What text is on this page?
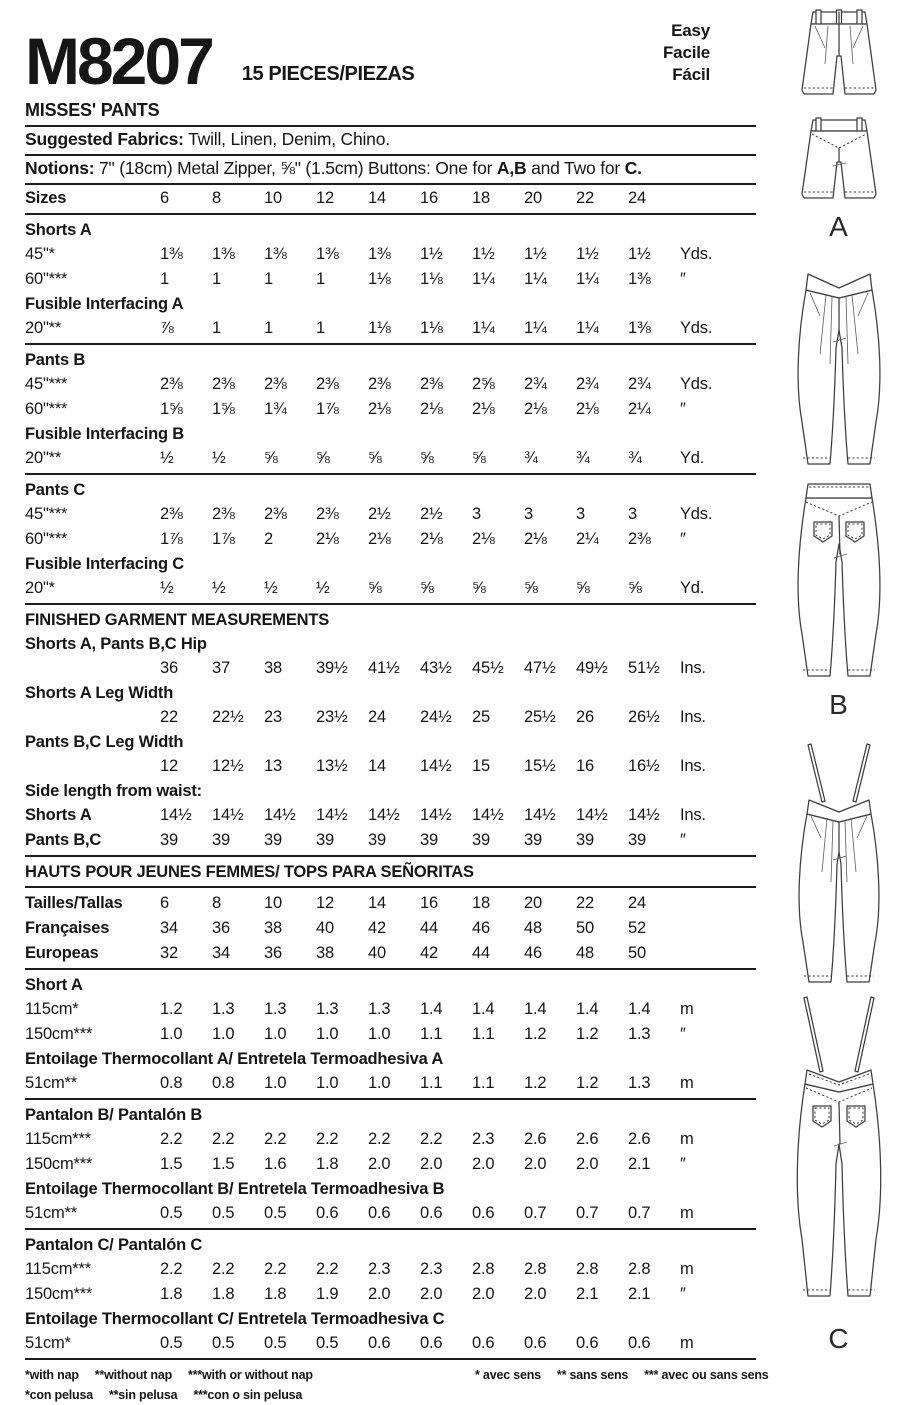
M8207 15 PIECES/PIEZAS
MISSES' PANTS
Suggested Fabrics: Twill, Linen, Denim, Chino.
Notions: 7" (18cm) Metal Zipper, ⅝" (1.5cm) Buttons: One for A,B and Two for C.
Sizes	6	8	10	12	14	16	18	20	22	24
Shorts A
45"*	1⅜	1⅜	1⅜	1⅜	1⅜	1½	1½	1½	1½	1½	Yds.
60"***	1	1	1	1	1⅛	1⅛	1¼	1¼	1¼	1⅜	″
Fusible Interfacing A
20"**	⅞	1	1	1	1⅛	1⅛	1¼	1¼	1¼	1⅜	Yds.
Pants B
45"***	2⅜	2⅜	2⅜	2⅜	2⅜	2⅜	2⅝	2¾	2¾	2¾	Yds.
60"***	1⅝	1⅝	1¾	1⅞	2⅛	2⅛	2⅛	2⅛	2⅛	2¼	″
Fusible Interfacing B
20"**	½	½	⅝	⅝	⅝	⅝	⅝	¾	¾	¾	Yd.
Pants C
45"***	2⅜	2⅜	2⅜	2⅜	2½	2½	3	3	3	3	Yds.
60"***	1⅞	1⅞	2	2⅛	2⅛	2⅛	2⅛	2⅛	2¼	2⅜	″
Fusible Interfacing C
20"*	½	½	½	½	⅝	⅝	⅝	⅝	⅝	⅝	Yd.
FINISHED GARMENT MEASUREMENTS
Shorts A, Pants B,C Hip
36	37	38	39½	41½	43½	45½	47½	49½	51½	Ins.
Shorts A Leg Width
22	22½	23	23½	24	24½	25	25½	26	26½	Ins.
Pants B,C Leg Width
12	12½	13	13½	14	14½	15	15½	16	16½	Ins.
Side length from waist:
Shorts A	14½	14½	14½	14½	14½	14½	14½	14½	14½	14½	Ins.
Pants B,C	39	39	39	39	39	39	39	39	39	39	″
HAUTS POUR JEUNES FEMMES/ TOPS PARA SEÑORITAS
Tailles/Tallas	6	8	10	12	14	16	18	20	22	24
Françaises	34	36	38	40	42	44	46	48	50	52
Europeas	32	34	36	38	40	42	44	46	48	50
Short A
115cm*	1.2	1.3	1.3	1.3	1.3	1.4	1.4	1.4	1.4	1.4	m
150cm***	1.0	1.0	1.0	1.0	1.0	1.1	1.1	1.2	1.2	1.3	″
Entoilage Thermocollant A/ Entretela Termoadhesiva A
51cm**	0.8	0.8	1.0	1.0	1.0	1.1	1.1	1.2	1.2	1.3	m
Pantalon B/ Pantalón B
115cm***	2.2	2.2	2.2	2.2	2.2	2.2	2.3	2.6	2.6	2.6	m
150cm***	1.5	1.5	1.6	1.8	2.0	2.0	2.0	2.0	2.0	2.1	″
Entoilage Thermocollant B/ Entretela Termoadhesiva B
51cm**	0.5	0.5	0.5	0.6	0.6	0.6	0.6	0.7	0.7	0.7	m
Pantalon C/ Pantalón C
115cm***	2.2	2.2	2.2	2.2	2.3	2.3	2.8	2.8	2.8	2.8	m
150cm***	1.8	1.8	1.8	1.9	2.0	2.0	2.0	2.0	2.1	2.1	″
Entoilage Thermocollant C/ Entretela Termoadhesiva C
51cm*	0.5	0.5	0.5	0.5	0.6	0.6	0.6	0.6	0.6	0.6	m
*with nap **without nap ***with or without nap
*con pelusa **sin pelusa ***con o sin pelusa
* avec sens ** sans sens *** avec ou sans sens
A
B
C
Easy
Facile
Fácil
